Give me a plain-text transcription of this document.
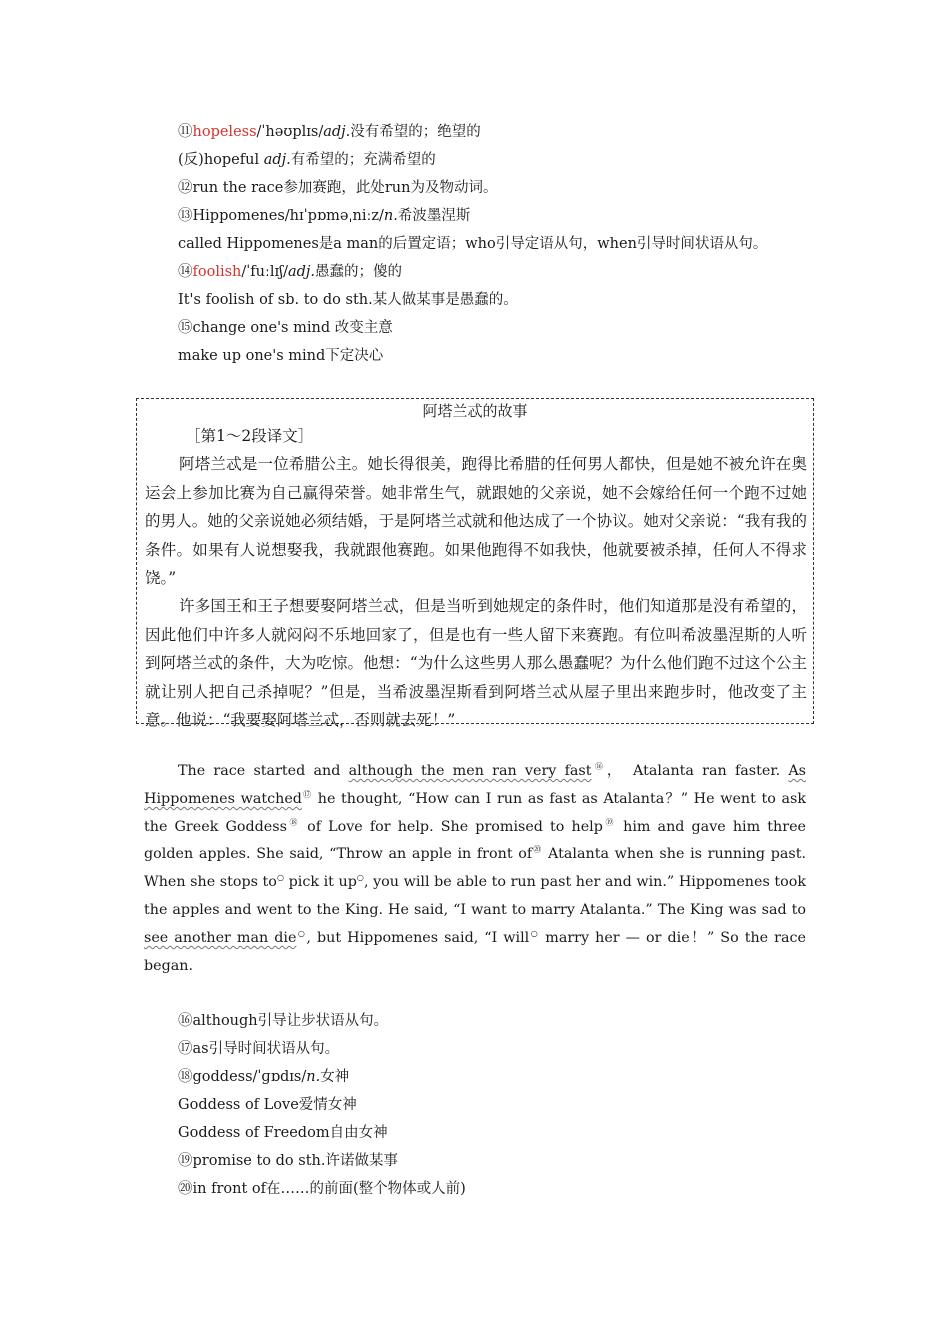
⑪hopeless/ˈhəʊplɪs/adj.没有希望的；绝望的
(反)hopeful adj.有希望的；充满希望的
⑫run the race参加赛跑，此处run为及物动词。
⑬Hippomenes/hɪˈpɒməˌniːz/n.希波墨涅斯
called Hippomenes是a man的后置定语；who引导定语从句，when引导时间状语从句。
⑭foolish/ˈfuːlɪʃ/adj.愚蠢的；傻的
It's foolish of sb. to do sth.某人做某事是愚蠢的。
⑮change one's mind 改变主意
make up one's mind下定决心
阿塔兰忒的故事
［第1～2段译文］

阿塔兰忒是一位希腊公主。她长得很美，跑得比希腊的任何男人都快，但是她不被允许在奥运会上参加比赛为自己赢得荣誉。她非常生气，就跟她的父亲说，她不会嫁给任何一个跑不过她的男人。她的父亲说她必须结婚，于是阿塔兰忒就和他达成了一个协议。她对父亲说：“我有我的条件。如果有人说想娶我，我就跟他赛跑。如果他跑得不如我快，他就要被杀掉，任何人不得求饶。”

许多国王和王子想要娶阿塔兰忒，但是当听到她规定的条件时，他们知道那是没有希望的，因此他们中许多人就闷闷不乐地回家了，但是也有一些人留下来赛跑。有位叫希波墨涅斯的人听到阿塔兰忒的条件，大为吃惊。他想：“为什么这些男人那么愚蠢呢？为什么他们跑不过这个公主就让别人把自己杀掉呢？”但是，当希波墨涅斯看到阿塔兰忒从屋子里出来跑步时，他改变了主意。他说：“我要娶阿塔兰忒，否则就去死！”

The race started and although the men ran very fast⑯， Atalanta ran faster. As Hippomenes watched⑰ he thought, “How can I run as fast as Atalanta？” He went to ask the Greek Goddess⑱ of Love for help. She promised to help⑲ him and gave him three golden apples. She said, “Throw an apple in front of⑳ Atalanta when she is running past. When she stops to○ pick it up○, you will be able to run past her and win.” Hippomenes took the apples and went to the King. He said, “I want to marry Atalanta.” The King was sad to see another man die○, but Hippomenes said, “I will○ marry her — or die！” So the race began.
⑯although引导让步状语从句。
⑰as引导时间状语从句。
⑱goddess/ˈɡɒdɪs/n.女神
Goddess of Love爱情女神
Goddess of Freedom自由女神
⑲promise to do sth.许诺做某事
⑳in front of在……的前面(整个物体或人前)
